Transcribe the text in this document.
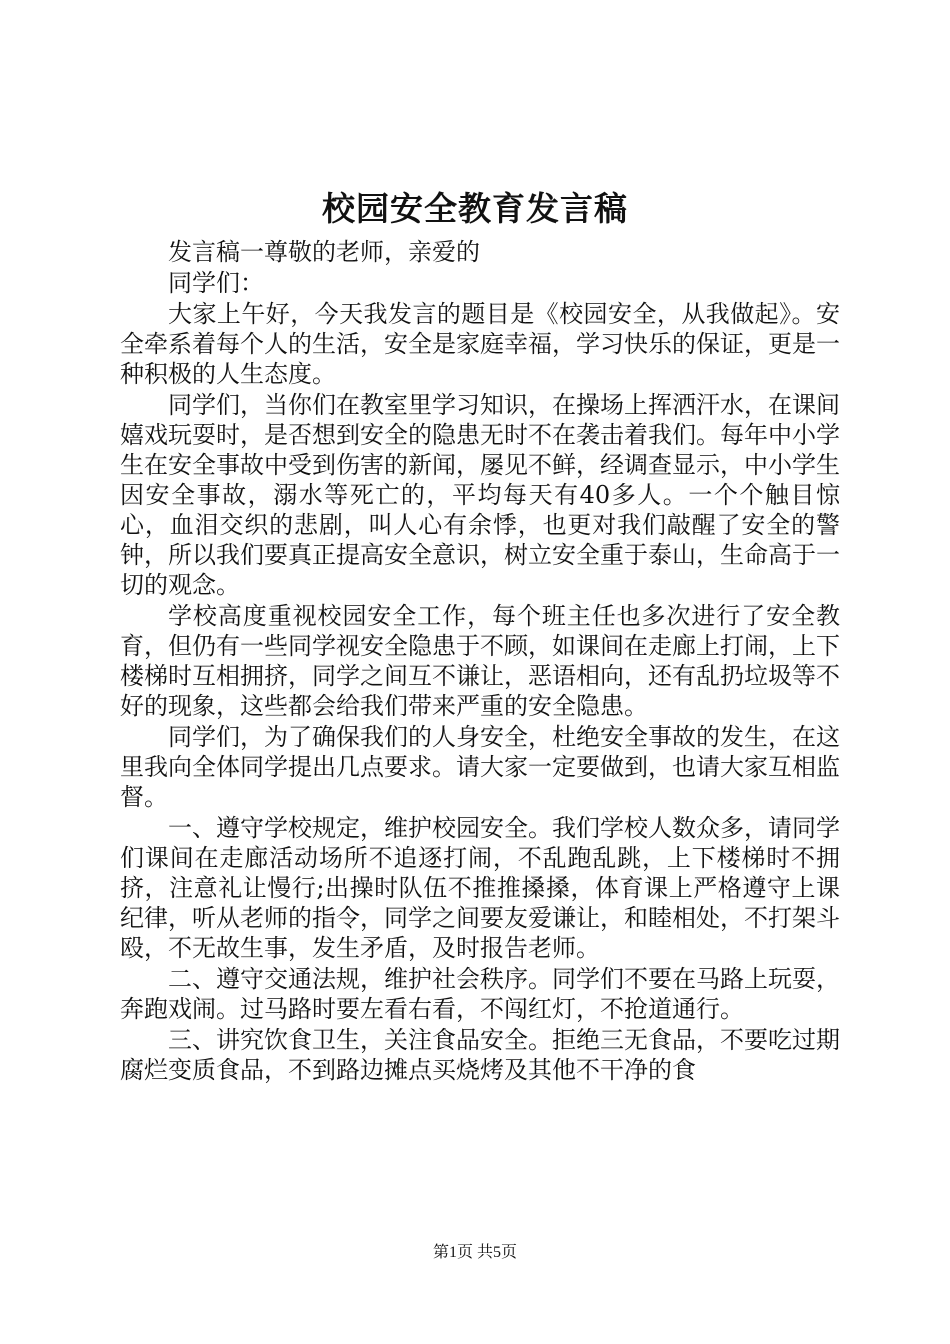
校园安全教育发言稿

发言稿一尊敬的老师，亲爱的

同学们：

大家上午好，今天我发言的题目是《校园安全，从我做起》。安全牵系着每个人的生活，安全是家庭幸福，学习快乐的保证，更是一种积极的人生态度。

同学们，当你们在教室里学习知识，在操场上挥洒汗水，在课间嬉戏玩耍时，是否想到安全的隐患无时不在袭击着我们。每年中小学生在安全事故中受到伤害的新闻，屡见不鲜，经调查显示，中小学生因安全事故，溺水等死亡的，平均每天有40多人。一个个触目惊心，血泪交织的悲剧，叫人心有余悸，也更对我们敲醒了安全的警钟，所以我们要真正提高安全意识，树立安全重于泰山，生命高于一切的观念。

学校高度重视校园安全工作，每个班主任也多次进行了安全教育，但仍有一些同学视安全隐患于不顾，如课间在走廊上打闹，上下楼梯时互相拥挤，同学之间互不谦让，恶语相向，还有乱扔垃圾等不好的现象，这些都会给我们带来严重的安全隐患。

同学们，为了确保我们的人身安全，杜绝安全事故的发生，在这里我向全体同学提出几点要求。请大家一定要做到，也请大家互相监督。

一、遵守学校规定，维护校园安全。我们学校人数众多，请同学们课间在走廊活动场所不追逐打闹，不乱跑乱跳，上下楼梯时不拥挤，注意礼让慢行;出操时队伍不推推搡搡，体育课上严格遵守上课纪律，听从老师的指令，同学之间要友爱谦让，和睦相处，不打架斗殴，不无故生事，发生矛盾，及时报告老师。

二、遵守交通法规，维护社会秩序。同学们不要在马路上玩耍，奔跑戏闹。过马路时要左看右看，不闯红灯，不抢道通行。

三、讲究饮食卫生，关注食品安全。拒绝三无食品，不要吃过期腐烂变质食品，不到路边摊点买烧烤及其他不干净的食

第1页 共5页
